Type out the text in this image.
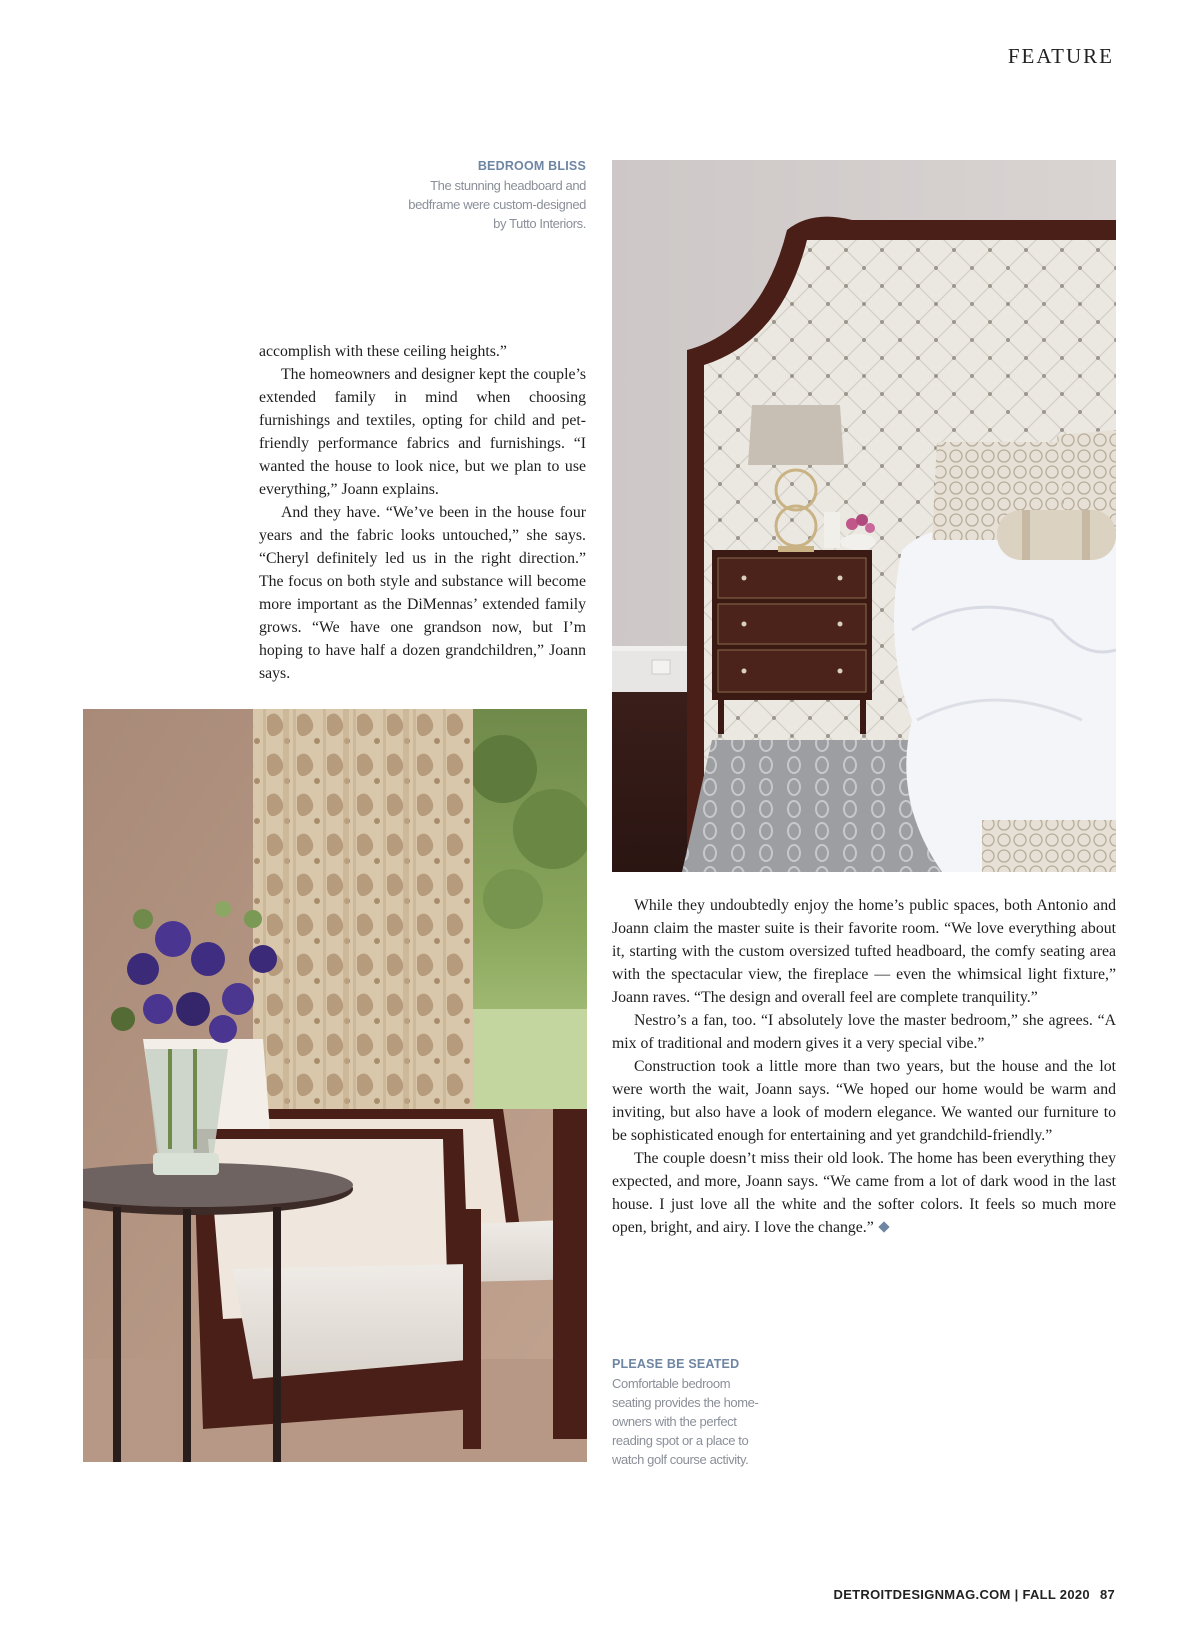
FEATURE
BEDROOM BLISS
The stunning headboard and bedframe were custom-designed by Tutto Interiors.

accomplish with these ceiling heights.”

The homeowners and designer kept the couple’s extended family in mind when choosing furnishings and textiles, opting for child and pet-friendly performance fabrics and furnishings. “I wanted the house to look nice, but we plan to use everything,” Joann explains.

And they have. “We’ve been in the house four years and the fabric looks untouched,” she says. “Cheryl definitely led us in the right direction.” The focus on both style and substance will become more important as the DiMennas’ extended family grows. “We have one grandson now, but I’m hoping to have half a dozen grandchildren,” Joann says.

While they undoubtedly enjoy the home’s public spaces, both Antonio and Joann claim the master suite is their favorite room. “We love everything about it, starting with the custom oversized tufted headboard, the comfy seating area with the spectacular view, the fireplace — even the whimsical light fixture,” Joann raves. “The design and overall feel are complete tranquility.”

Nestro’s a fan, too. “I absolutely love the master bedroom,” she agrees. “A mix of traditional and modern gives it a very special vibe.”

Construction took a little more than two years, but the house and the lot were worth the wait, Joann says. “We hoped our home would be warm and inviting, but also have a look of modern elegance. We wanted our furniture to be sophisticated enough for entertaining and yet grandchild-friendly.”

The couple doesn’t miss their old look. The home has been everything they expected, and more, Joann says. “We came from a lot of dark wood in the last house. I just love all the white and the softer colors. It feels so much more open, bright, and airy. I love the change.”

PLEASE BE SEATED
Comfortable bedroom seating provides the home-owners with the perfect reading spot or a place to watch golf course activity.
DETROITDESIGNMAG.COM | FALL 2020 87
